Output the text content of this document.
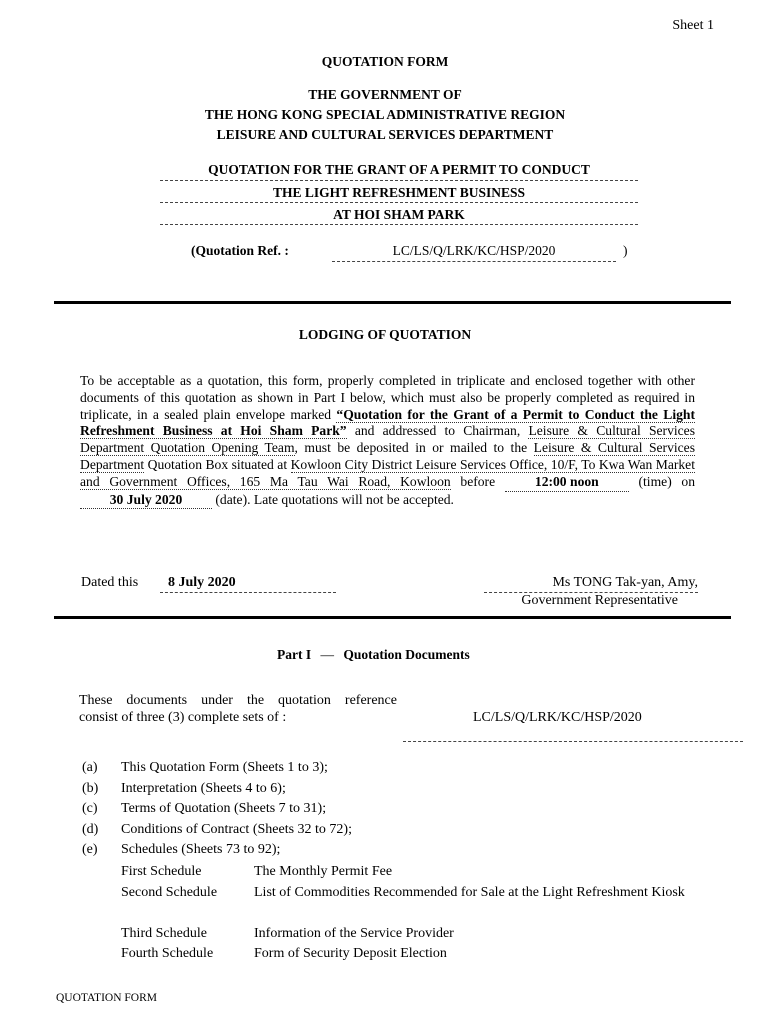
Sheet 1
QUOTATION FORM
THE GOVERNMENT OF
THE HONG KONG SPECIAL ADMINISTRATIVE REGION
LEISURE AND CULTURAL SERVICES DEPARTMENT
QUOTATION FOR THE GRANT OF A PERMIT TO CONDUCT
THE LIGHT REFRESHMENT BUSINESS
AT HOI SHAM PARK
(Quotation Ref. :	LC/LS/Q/LRK/KC/HSP/2020	)
LODGING OF QUOTATION
To be acceptable as a quotation, this form, properly completed in triplicate and enclosed together with other documents of this quotation as shown in Part I below, which must also be properly completed as required in triplicate, in a sealed plain envelope marked “Quotation for the Grant of a Permit to Conduct the Light Refreshment Business at Hoi Sham Park” and addressed to Chairman, Leisure & Cultural Services Department Quotation Opening Team, must be deposited in or mailed to the Leisure & Cultural Services Department Quotation Box situated at Kowloon City District Leisure Services Office, 10/F, To Kwa Wan Market and Government Offices, 165 Ma Tau Wai Road, Kowloon before 12:00 noon (time) on 30 July 2020 (date). Late quotations will not be accepted.
Dated this	8 July 2020	Ms TONG Tak-yan, Amy,
Government Representative
Part I — Quotation Documents
These documents under the quotation reference
consist of three (3) complete sets of :	LC/LS/Q/LRK/KC/HSP/2020
(a) This Quotation Form (Sheets 1 to 3);
(b) Interpretation (Sheets 4 to 6);
(c) Terms of Quotation (Sheets 7 to 31);
(d) Conditions of Contract (Sheets 32 to 72);
(e) Schedules (Sheets 73 to 92);
First Schedule	The Monthly Permit Fee
Second Schedule	List of Commodities Recommended for Sale at the Light Refreshment Kiosk
Third Schedule	Information of the Service Provider
Fourth Schedule	Form of Security Deposit Election
QUOTATION FORM
